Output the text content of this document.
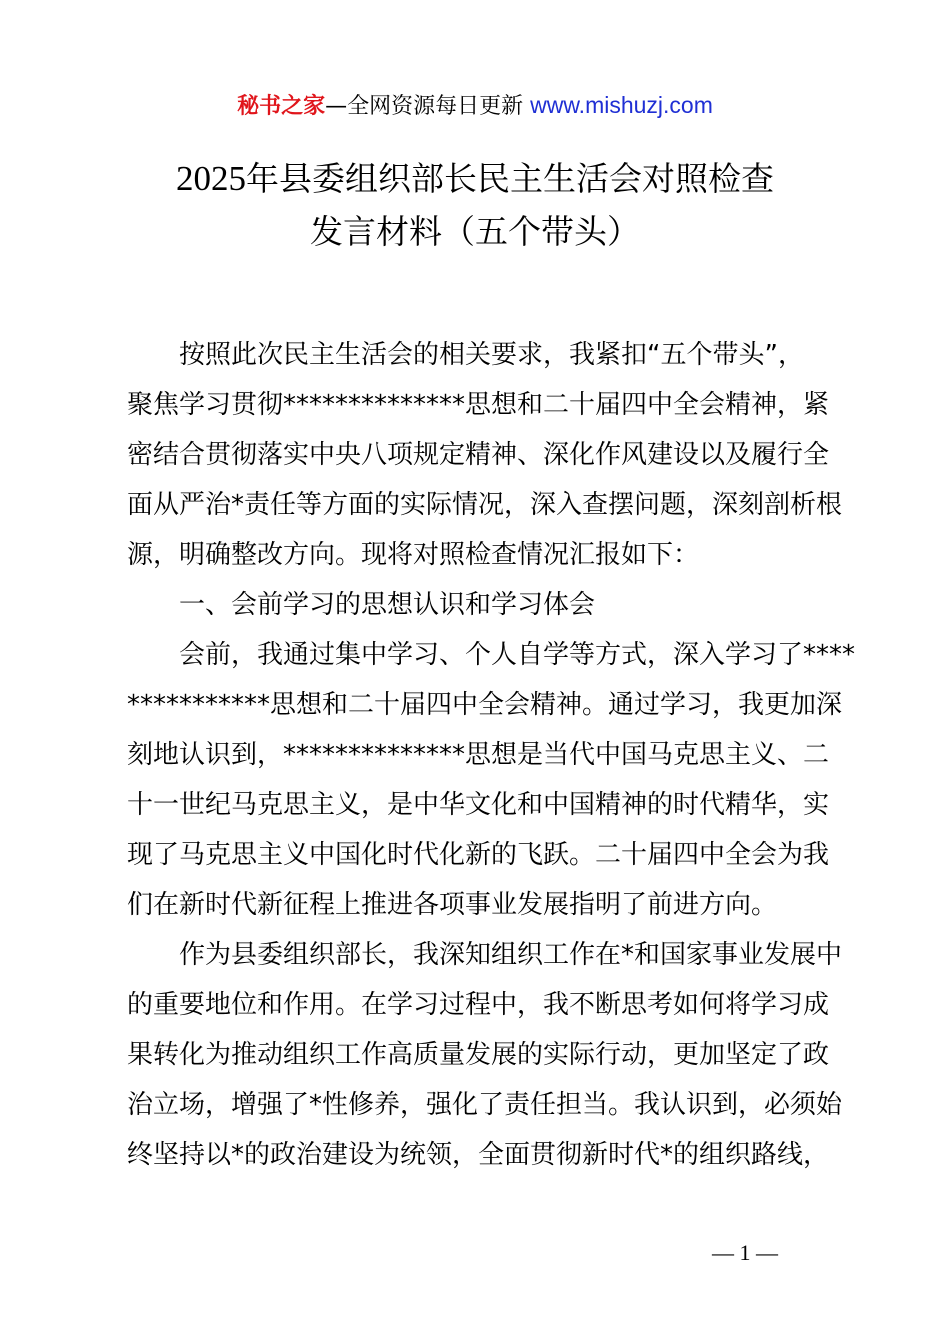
秘书之家—全网资源每日更新 www.mishuzj.com
2025年县委组织部长民主生活会对照检查
发言材料（五个带头）
按照此次民主生活会的相关要求，我紧扣“五个带头”，
聚焦学习贯彻**************思想和二十届四中全会精神，紧
密结合贯彻落实中央八项规定精神、深化作风建设以及履行全
面从严治*责任等方面的实际情况，深入查摆问题，深刻剖析根
源，明确整改方向。现将对照检查情况汇报如下：
一、会前学习的思想认识和学习体会
会前，我通过集中学习、个人自学等方式，深入学习了****
***********思想和二十届四中全会精神。通过学习，我更加深
刻地认识到，**************思想是当代中国马克思主义、二
十一世纪马克思主义，是中华文化和中国精神的时代精华，实
现了马克思主义中国化时代化新的飞跃。二十届四中全会为我
们在新时代新征程上推进各项事业发展指明了前进方向。
作为县委组织部长，我深知组织工作在*和国家事业发展中
的重要地位和作用。在学习过程中，我不断思考如何将学习成
果转化为推动组织工作高质量发展的实际行动，更加坚定了政
治立场，增强了*性修养，强化了责任担当。我认识到，必须始
终坚持以*的政治建设为统领，全面贯彻新时代*的组织路线，
— 1 —
